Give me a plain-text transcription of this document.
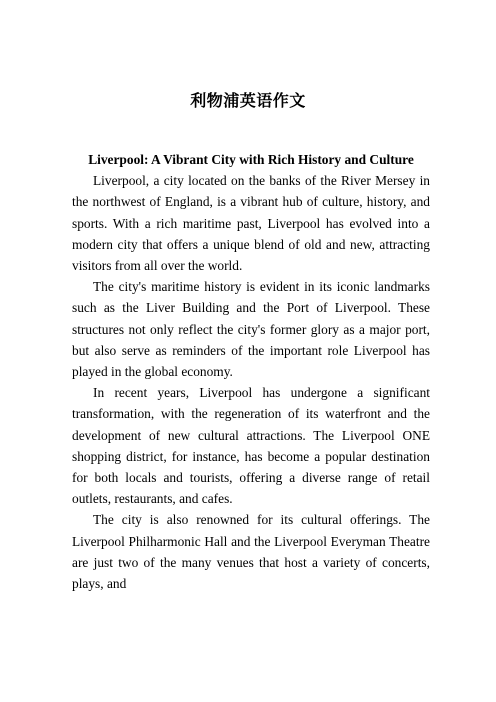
利物浦英语作文

Liverpool: A Vibrant City with Rich History and Culture

Liverpool, a city located on the banks of the River Mersey in the northwest of England, is a vibrant hub of culture, history, and sports. With a rich maritime past, Liverpool has evolved into a modern city that offers a unique blend of old and new, attracting visitors from all over the world.

The city's maritime history is evident in its iconic landmarks such as the Liver Building and the Port of Liverpool. These structures not only reflect the city's former glory as a major port, but also serve as reminders of the important role Liverpool has played in the global economy.

In recent years, Liverpool has undergone a significant transformation, with the regeneration of its waterfront and the development of new cultural attractions. The Liverpool ONE shopping district, for instance, has become a popular destination for both locals and tourists, offering a diverse range of retail outlets, restaurants, and cafes.

The city is also renowned for its cultural offerings. The Liverpool Philharmonic Hall and the Liverpool Everyman Theatre are just two of the many venues that host a variety of concerts, plays, and
